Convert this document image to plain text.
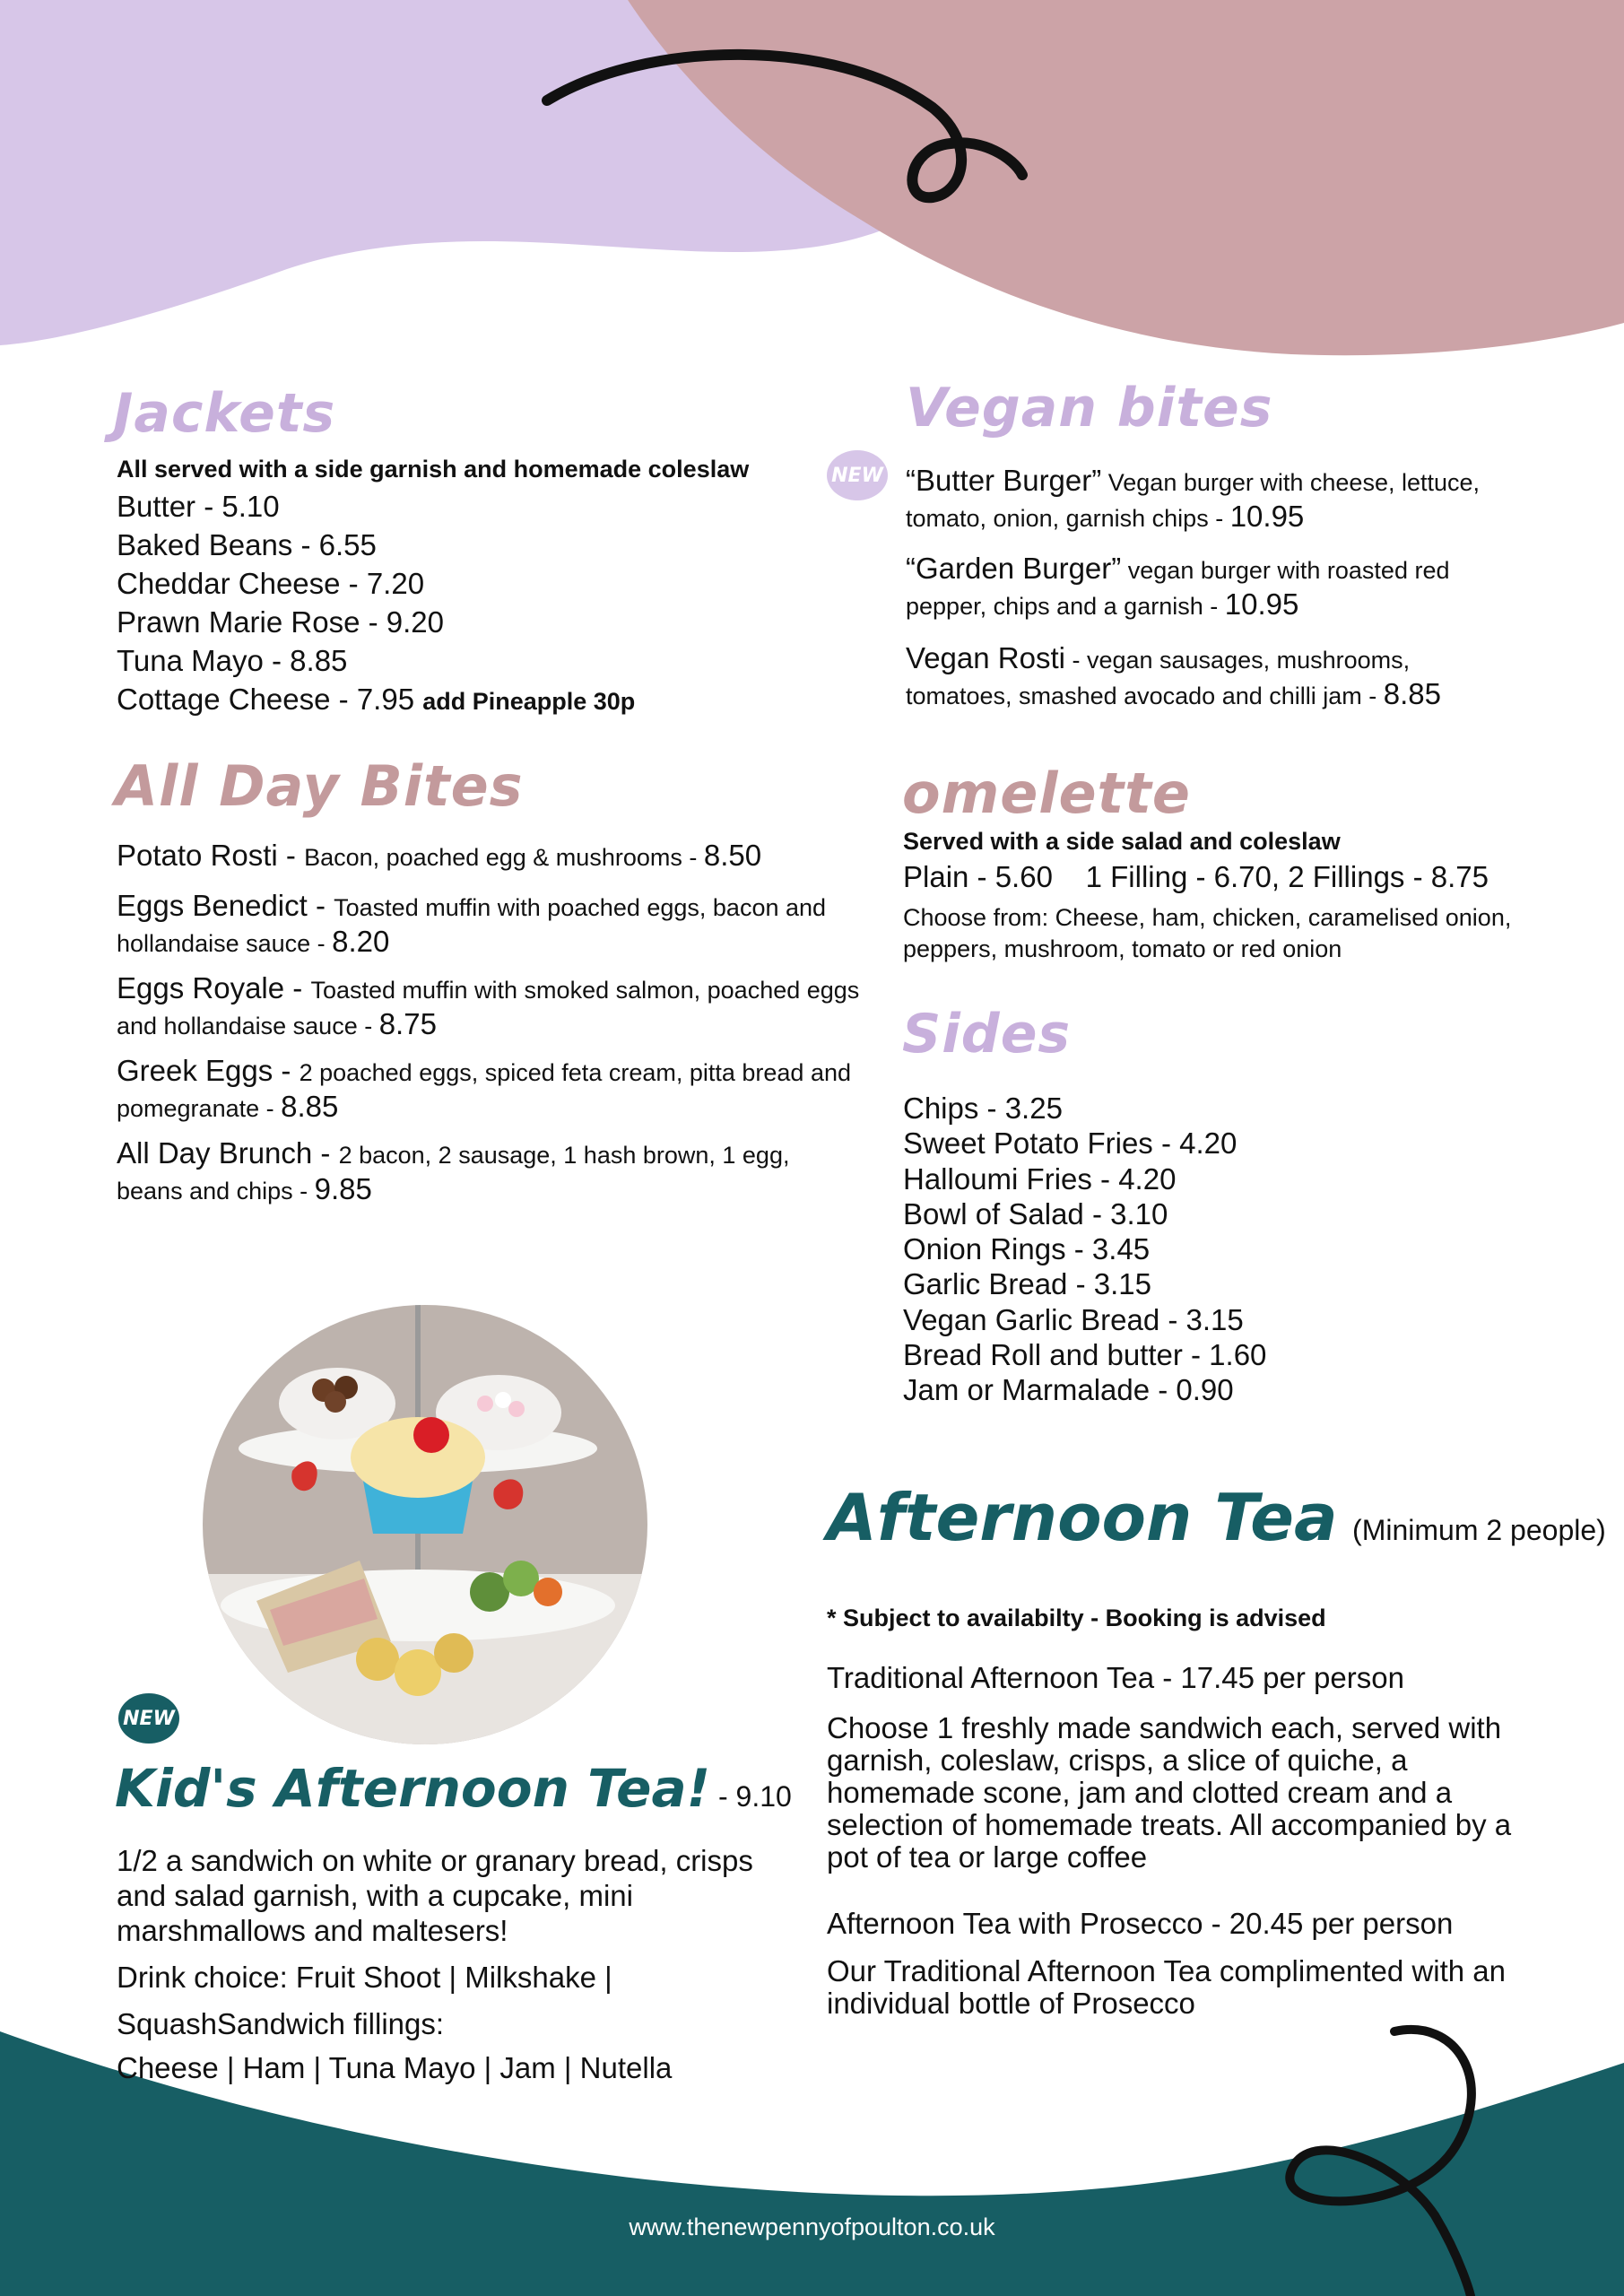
Jackets

All served with a side garnish and homemade coleslaw

Butter - 5.10
Baked Beans - 6.55
Cheddar Cheese - 7.20
Prawn Marie Rose - 9.20
Tuna Mayo - 8.85
Cottage Cheese - 7.95 add Pineapple 30p
All Day Bites
Potato Rosti - Bacon, poached egg & mushrooms - 8.50
Eggs Benedict - Toasted muffin with poached eggs, bacon and hollandaise sauce - 8.20
Eggs Royale - Toasted muffin with smoked salmon, poached eggs and hollandaise sauce - 8.75
Greek Eggs - 2 poached eggs, spiced feta cream, pitta bread and pomegranate - 8.85
All Day Brunch - 2 bacon, 2 sausage, 1 hash brown, 1 egg, beans and chips - 9.85
Vegan bites
NEW “Butter Burger” Vegan burger with cheese, lettuce, tomato, onion, garnish chips - 10.95
“Garden Burger” vegan burger with roasted red pepper, chips and a garnish - 10.95
Vegan Rosti - vegan sausages, mushrooms, tomatoes, smashed avocado and chilli jam - 8.85
omelette

Served with a side salad and coleslaw

Plain - 5.60    1 Filling - 6.70, 2 Fillings - 8.75

Choose from: Cheese, ham, chicken, caramelised onion, peppers, mushroom, tomato or red onion

Sides
Chips - 3.25
Sweet Potato Fries - 4.20
Halloumi Fries - 4.20
Bowl of Salad - 3.10
Onion Rings - 3.45
Garlic Bread - 3.15
Vegan Garlic Bread - 3.15
Bread Roll and butter - 1.60
Jam or Marmalade - 0.90
Afternoon Tea (Minimum 2 people)

* Subject to availabilty - Booking is advised

Traditional Afternoon Tea - 17.45 per person

Choose 1 freshly made sandwich each, served with garnish, coleslaw, crisps, a slice of quiche, a homemade scone, jam and clotted cream and a selection of homemade treats. All accompanied by a pot of tea or large coffee

Afternoon Tea with Prosecco - 20.45 per person

Our Traditional Afternoon Tea complimented with an individual bottle of Prosecco

NEW
Kid's Afternoon Tea! - 9.10

1/2 a sandwich on white or granary bread, crisps and salad garnish, with a cupcake, mini marshmallows and maltesers!

Drink choice: Fruit Shoot | Milkshake |

SquashSandwich fillings:

Cheese | Ham | Tuna Mayo | Jam | Nutella

New Penny
www.thenewpennyofpoulton.co.uk
